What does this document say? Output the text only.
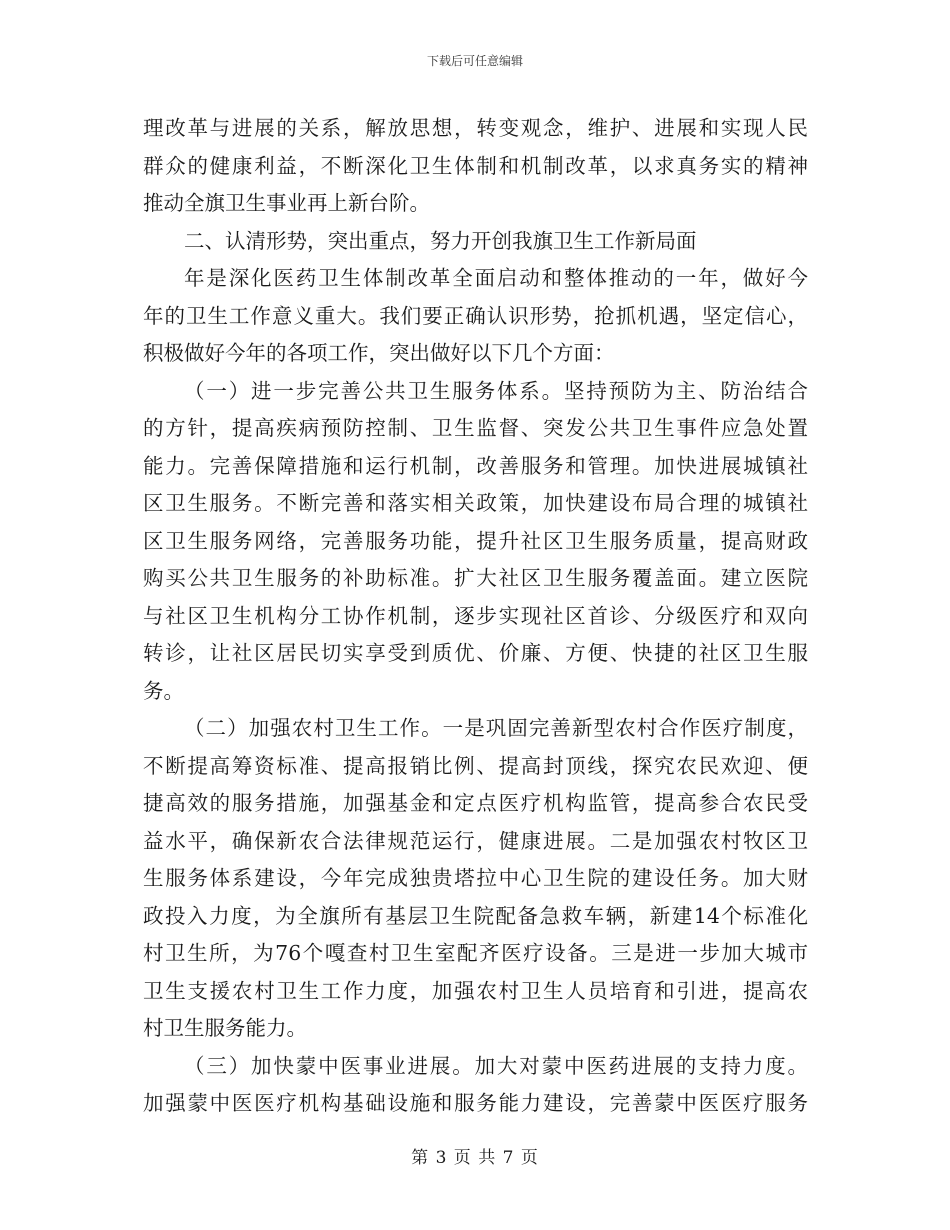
下载后可任意编辑
理改革与进展的关系，解放思想，转变观念，维护、进展和实现人民
群众的健康利益，不断深化卫生体制和机制改革，以求真务实的精神
推动全旗卫生事业再上新台阶。
二、认清形势，突出重点，努力开创我旗卫生工作新局面
年是深化医药卫生体制改革全面启动和整体推动的一年，做好今
年的卫生工作意义重大。我们要正确认识形势，抢抓机遇，坚定信心，
积极做好今年的各项工作，突出做好以下几个方面：
（一）进一步完善公共卫生服务体系。坚持预防为主、防治结合
的方针，提高疾病预防控制、卫生监督、突发公共卫生事件应急处置
能力。完善保障措施和运行机制，改善服务和管理。加快进展城镇社
区卫生服务。不断完善和落实相关政策，加快建设布局合理的城镇社
区卫生服务网络，完善服务功能，提升社区卫生服务质量，提高财政
购买公共卫生服务的补助标准。扩大社区卫生服务覆盖面。建立医院
与社区卫生机构分工协作机制，逐步实现社区首诊、分级医疗和双向
转诊，让社区居民切实享受到质优、价廉、方便、快捷的社区卫生服
务。
（二）加强农村卫生工作。一是巩固完善新型农村合作医疗制度，
不断提高筹资标准、提高报销比例、提高封顶线，探究农民欢迎、便
捷高效的服务措施，加强基金和定点医疗机构监管，提高参合农民受
益水平，确保新农合法律规范运行，健康进展。二是加强农村牧区卫
生服务体系建设，今年完成独贵塔拉中心卫生院的建设任务。加大财
政投入力度，为全旗所有基层卫生院配备急救车辆，新建14个标准化
村卫生所，为76个嘎查村卫生室配齐医疗设备。三是进一步加大城市
卫生支援农村卫生工作力度，加强农村卫生人员培育和引进，提高农
村卫生服务能力。
（三）加快蒙中医事业进展。加大对蒙中医药进展的支持力度。
加强蒙中医医疗机构基础设施和服务能力建设，完善蒙中医医疗服务
第 3 页 共 7 页
